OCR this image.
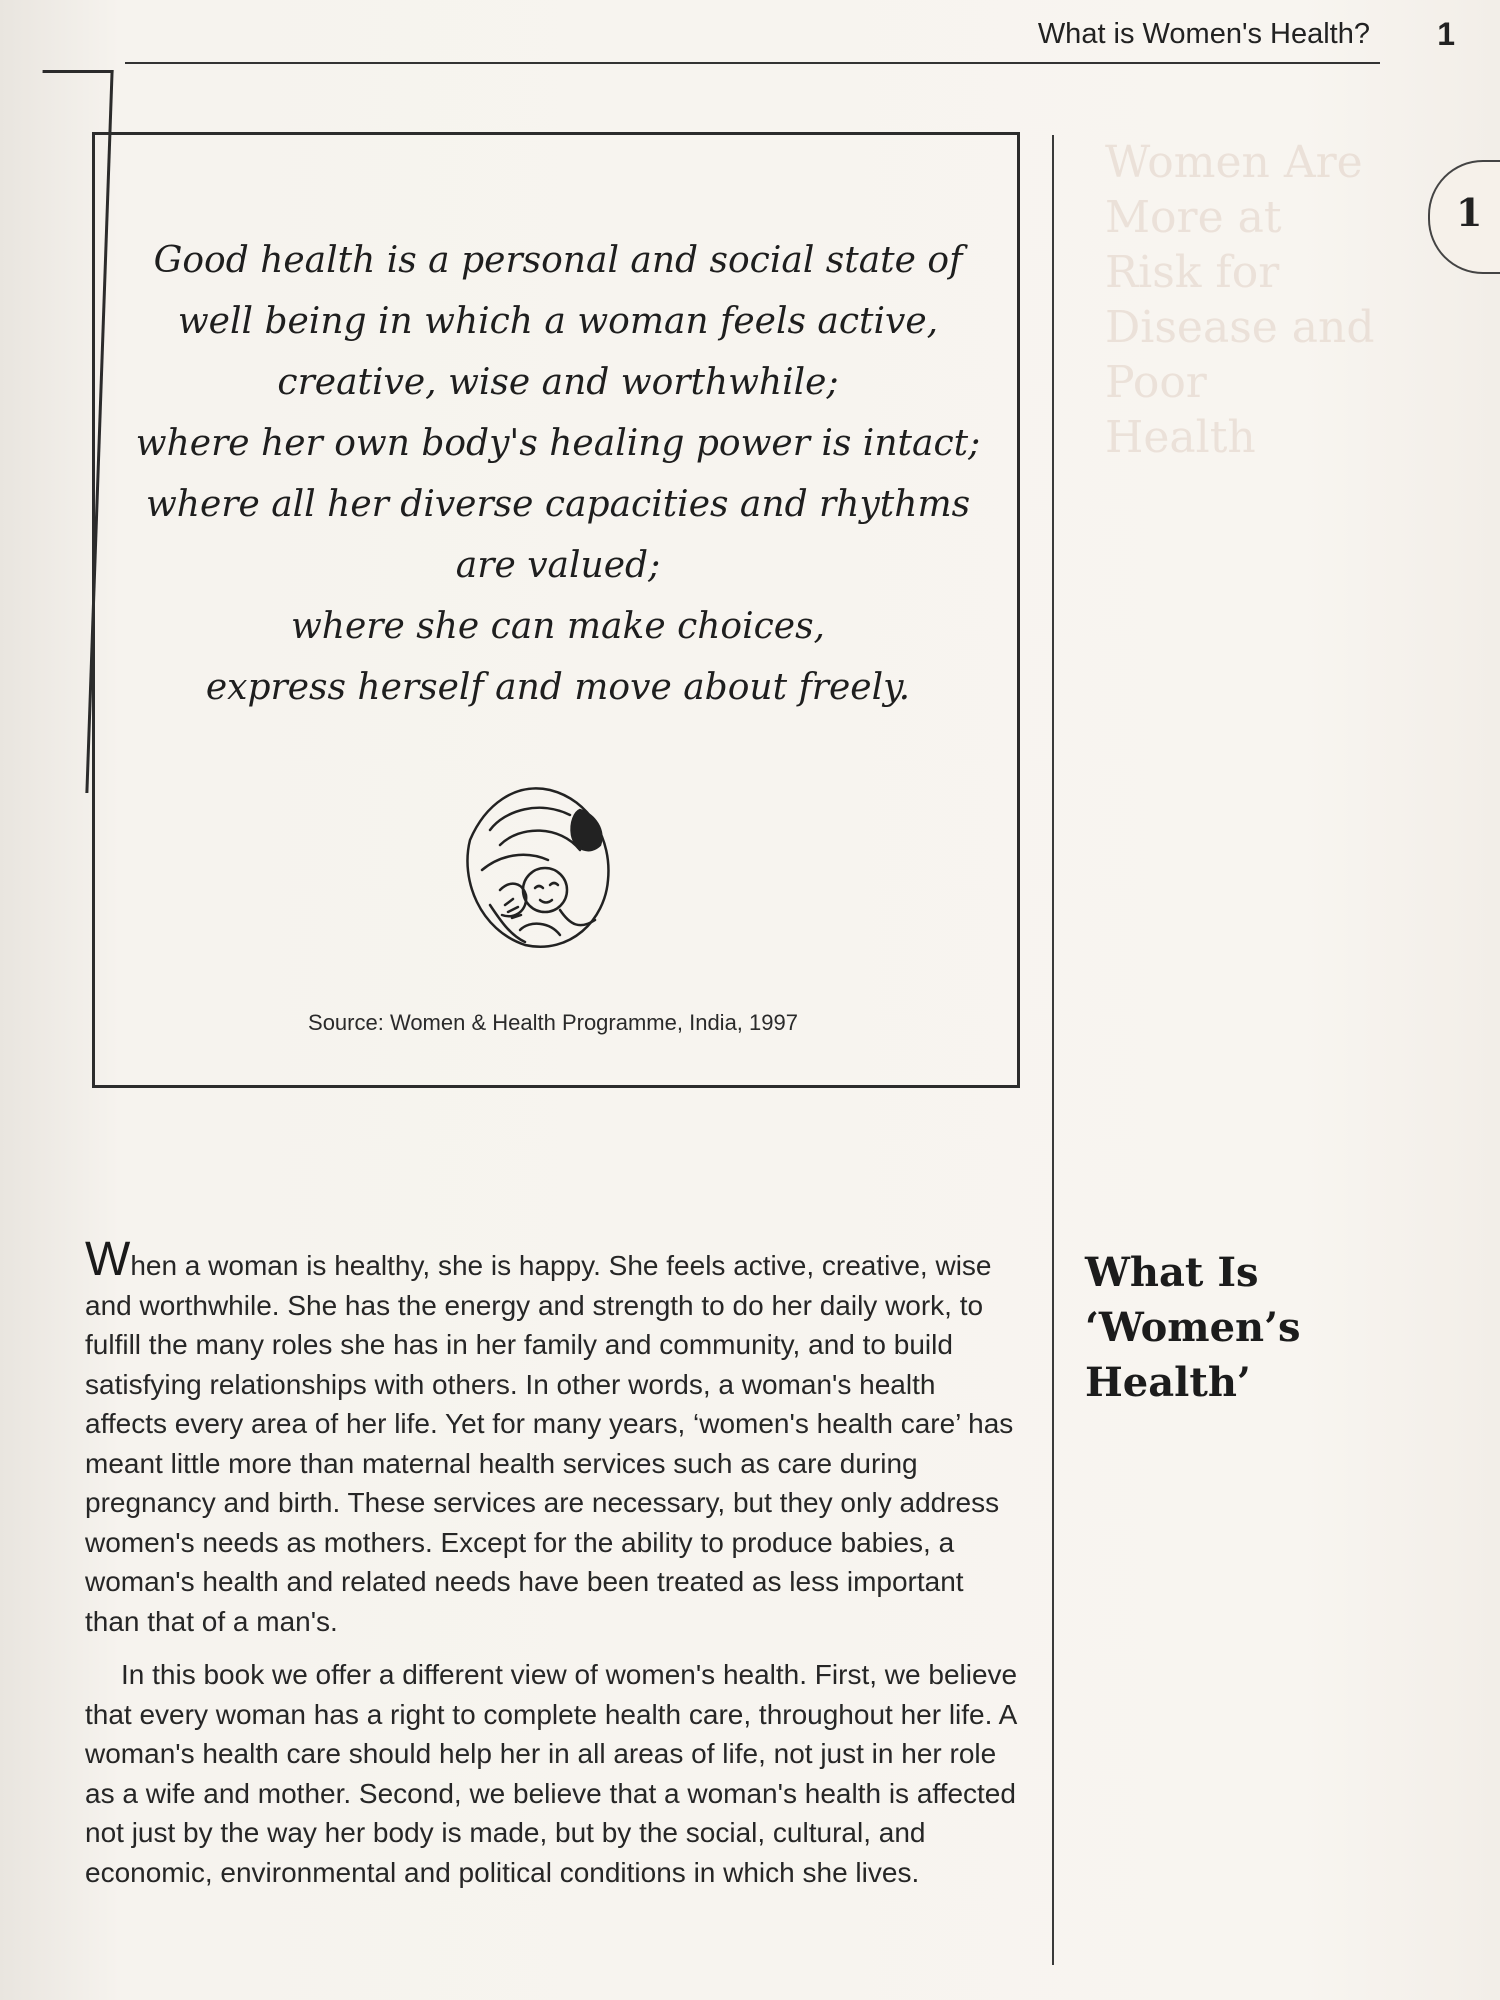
What is Women's Health? 1
1
Women Are
More at
Risk for
Disease and
Poor
Health

Good health is a personal and social state of

well being in which a woman feels active,

creative, wise and worthwhile;

where her own body's healing power is intact;

where all her diverse capacities and rhythms

are valued;

where she can make choices,

express herself and move about freely.

Source: Women & Health Programme, India, 1997
What Is
‘Women’s
Health’

When a woman is healthy, she is happy. She feels active, creative, wise and worthwhile. She has the energy and strength to do her daily work, to fulfill the many roles she has in her family and community, and to build satisfying relationships with others. In other words, a woman's health affects every area of her life. Yet for many years, ‘women's health care’ has meant little more than maternal health services such as care during pregnancy and birth. These services are necessary, but they only address women's needs as mothers. Except for the ability to produce babies, a woman's health and related needs have been treated as less important than that of a man's.

In this book we offer a different view of women's health. First, we believe that every woman has a right to complete health care, throughout her life. A woman's health care should help her in all areas of life, not just in her role as a wife and mother. Second, we believe that a woman's health is affected not just by the way her body is made, but by the social, cultural, and economic, environmental and political conditions in which she lives.
